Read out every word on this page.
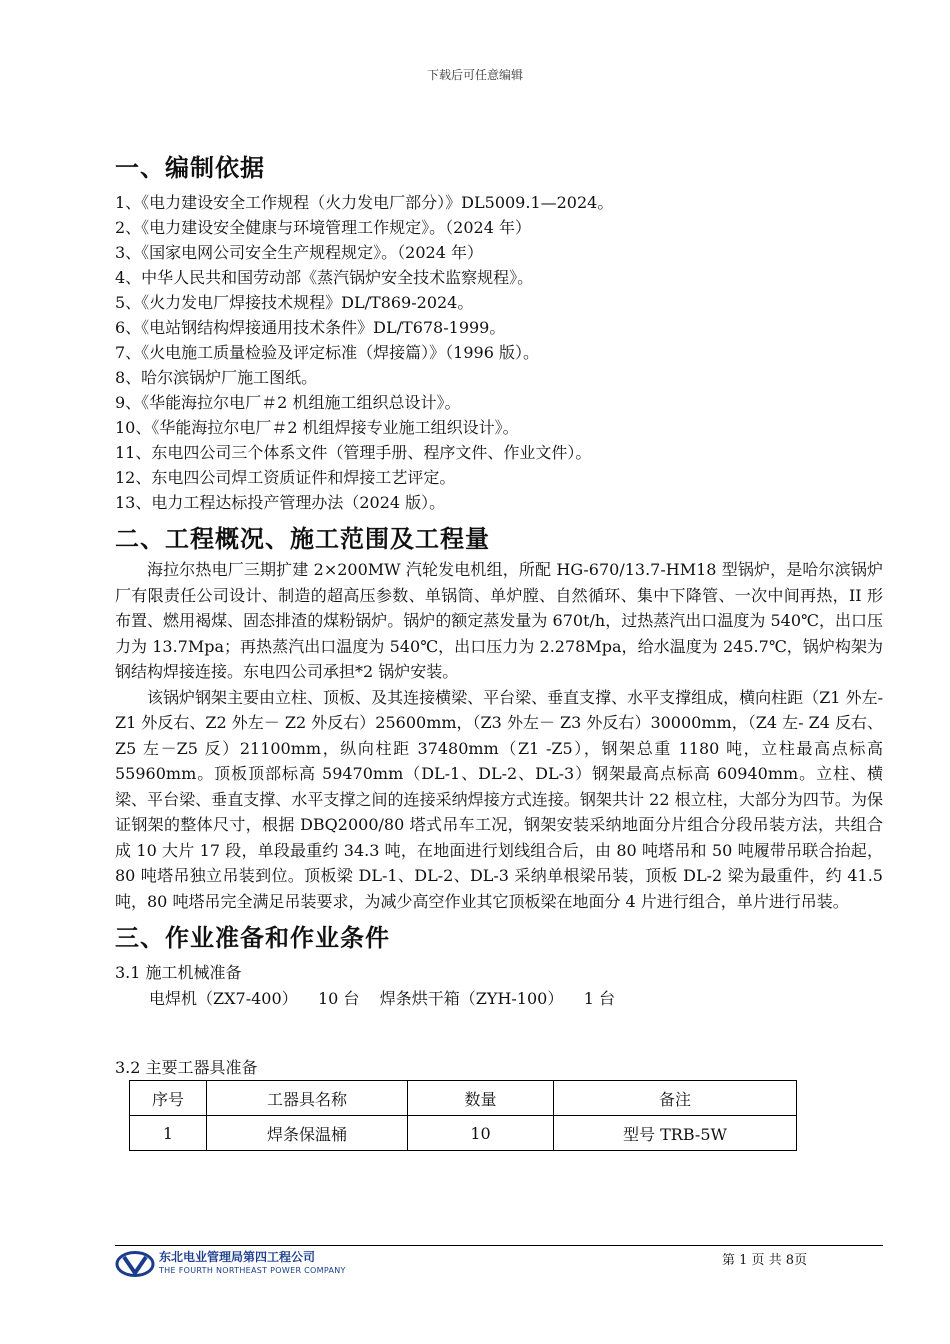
下载后可任意编辑
一、编制依据
1、《电力建设安全工作规程（火力发电厂部分）》DL5009.1—2024。
2、《电力建设安全健康与环境管理工作规定》。（2024 年）
3、《国家电网公司安全生产规程规定》。（2024 年）
4、中华人民共和国劳动部《蒸汽锅炉安全技术监察规程》。
5、《火力发电厂焊接技术规程》DL/T869-2024。
6、《电站钢结构焊接通用技术条件》DL/T678-1999。
7、《火电施工质量检验及评定标准（焊接篇）》（1996 版）。
8、哈尔滨锅炉厂施工图纸。
9、《华能海拉尔电厂＃2 机组施工组织总设计》。
10、《华能海拉尔电厂＃2 机组焊接专业施工组织设计》。
11、东电四公司三个体系文件（管理手册、程序文件、作业文件）。
12、东电四公司焊工资质证件和焊接工艺评定。
13、电力工程达标投产管理办法（2024 版）。
二、工程概况、施工范围及工程量

海拉尔热电厂三期扩建 2×200MW 汽轮发电机组，所配 HG-670/13.7-HM18 型锅炉，是哈尔滨锅炉厂有限责任公司设计、制造的超高压参数、单锅筒、单炉膛、自然循环、集中下降管、一次中间再热，II 形布置、燃用褐煤、固态排渣的煤粉锅炉。锅炉的额定蒸发量为 670t/h，过热蒸汽出口温度为 540℃，出口压力为 13.7Mpa；再热蒸汽出口温度为 540℃，出口压力为 2.278Mpa，给水温度为 245.7℃，锅炉构架为钢结构焊接连接。东电四公司承担*2 锅炉安装。

该锅炉钢架主要由立柱、顶板、及其连接横梁、平台梁、垂直支撑、水平支撑组成，横向柱距（Z1 外左-Z1 外反右、Z2 外左－ Z2 外反右）25600mm，（Z3 外左－ Z3 外反右）30000mm，（Z4 左- Z4 反右、Z5 左－Z5 反）21100mm，纵向柱距 37480mm（Z1 -Z5），钢架总重 1180 吨，立柱最高点标高 55960mm。顶板顶部标高 59470mm（DL-1、DL-2、DL-3）钢架最高点标高 60940mm。立柱、横梁、平台梁、垂直支撑、水平支撑之间的连接采纳焊接方式连接。钢架共计 22 根立柱，大部分为四节。为保证钢架的整体尺寸，根据 DBQ2000/80 塔式吊车工况，钢架安装采纳地面分片组合分段吊装方法，共组合成 10 大片 17 段，单段最重约 34.3 吨，在地面进行划线组合后，由 80 吨塔吊和 50 吨履带吊联合抬起，80 吨塔吊独立吊装到位。顶板梁 DL-1、DL-2、DL-3 采纳单根梁吊装，顶板 DL-2 梁为最重件，约 41.5 吨，80 吨塔吊完全满足吊装要求，为减少高空作业其它顶板梁在地面分 4 片进行组合，单片进行吊装。

三、作业准备和作业条件

3.1 施工机械准备

电焊机（ZX7-400）    10 台    焊条烘干箱（ZYH-100）    1 台

3.2 主要工器具准备

序号	工器具名称	数量	备注
1	焊条保温桶	10	型号 TRB-5W
东北电业管理局第四工程公司
THE FOURTH NORTHEAST POWER COMPANY
第 1 页 共 8页
